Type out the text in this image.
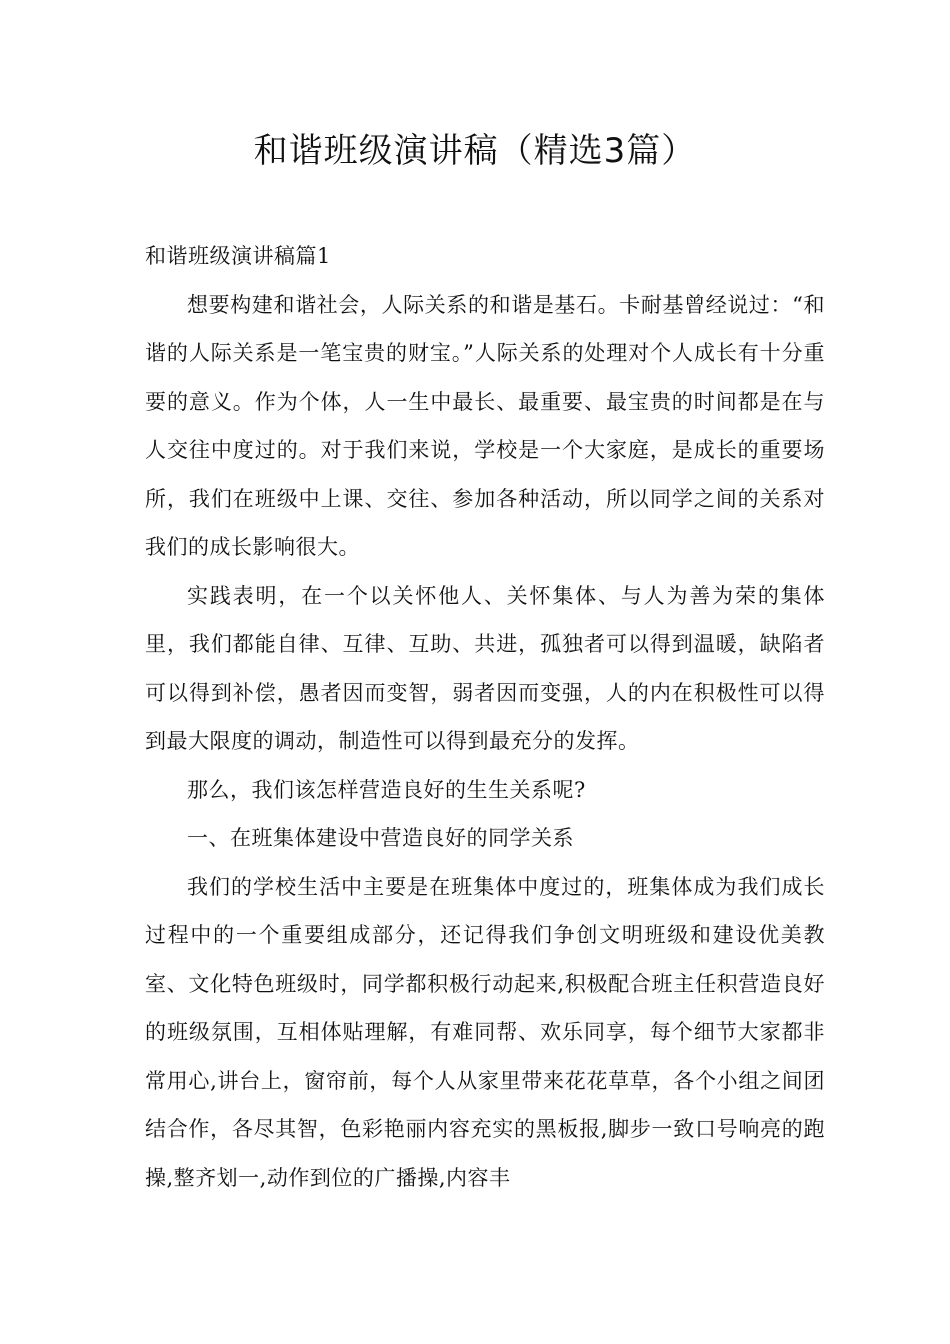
和谐班级演讲稿（精选3篇）

和谐班级演讲稿篇1

想要构建和谐社会，人际关系的和谐是基石。卡耐基曾经说过：“和谐的人际关系是一笔宝贵的财宝。”人际关系的处理对个人成长有十分重要的意义。作为个体，人一生中最长、最重要、最宝贵的时间都是在与人交往中度过的。对于我们来说，学校是一个大家庭，是成长的重要场所，我们在班级中上课、交往、参加各种活动，所以同学之间的关系对我们的成长影响很大。

实践表明，在一个以关怀他人、关怀集体、与人为善为荣的集体里，我们都能自律、互律、互助、共进，孤独者可以得到温暖，缺陷者可以得到补偿，愚者因而变智，弱者因而变强，人的内在积极性可以得到最大限度的调动，制造性可以得到最充分的发挥。

那么，我们该怎样营造良好的生生关系呢?

一、在班集体建设中营造良好的同学关系

我们的学校生活中主要是在班集体中度过的，班集体成为我们成长过程中的一个重要组成部分，还记得我们争创文明班级和建设优美教室、文化特色班级时，同学都积极行动起来,积极配合班主任积营造良好的班级氛围，互相体贴理解，有难同帮、欢乐同享，每个细节大家都非常用心,讲台上，窗帘前，每个人从家里带来花花草草，各个小组之间团结合作，各尽其智，色彩艳丽内容充实的黑板报,脚步一致口号响亮的跑操,整齐划一,动作到位的广播操,内容丰
